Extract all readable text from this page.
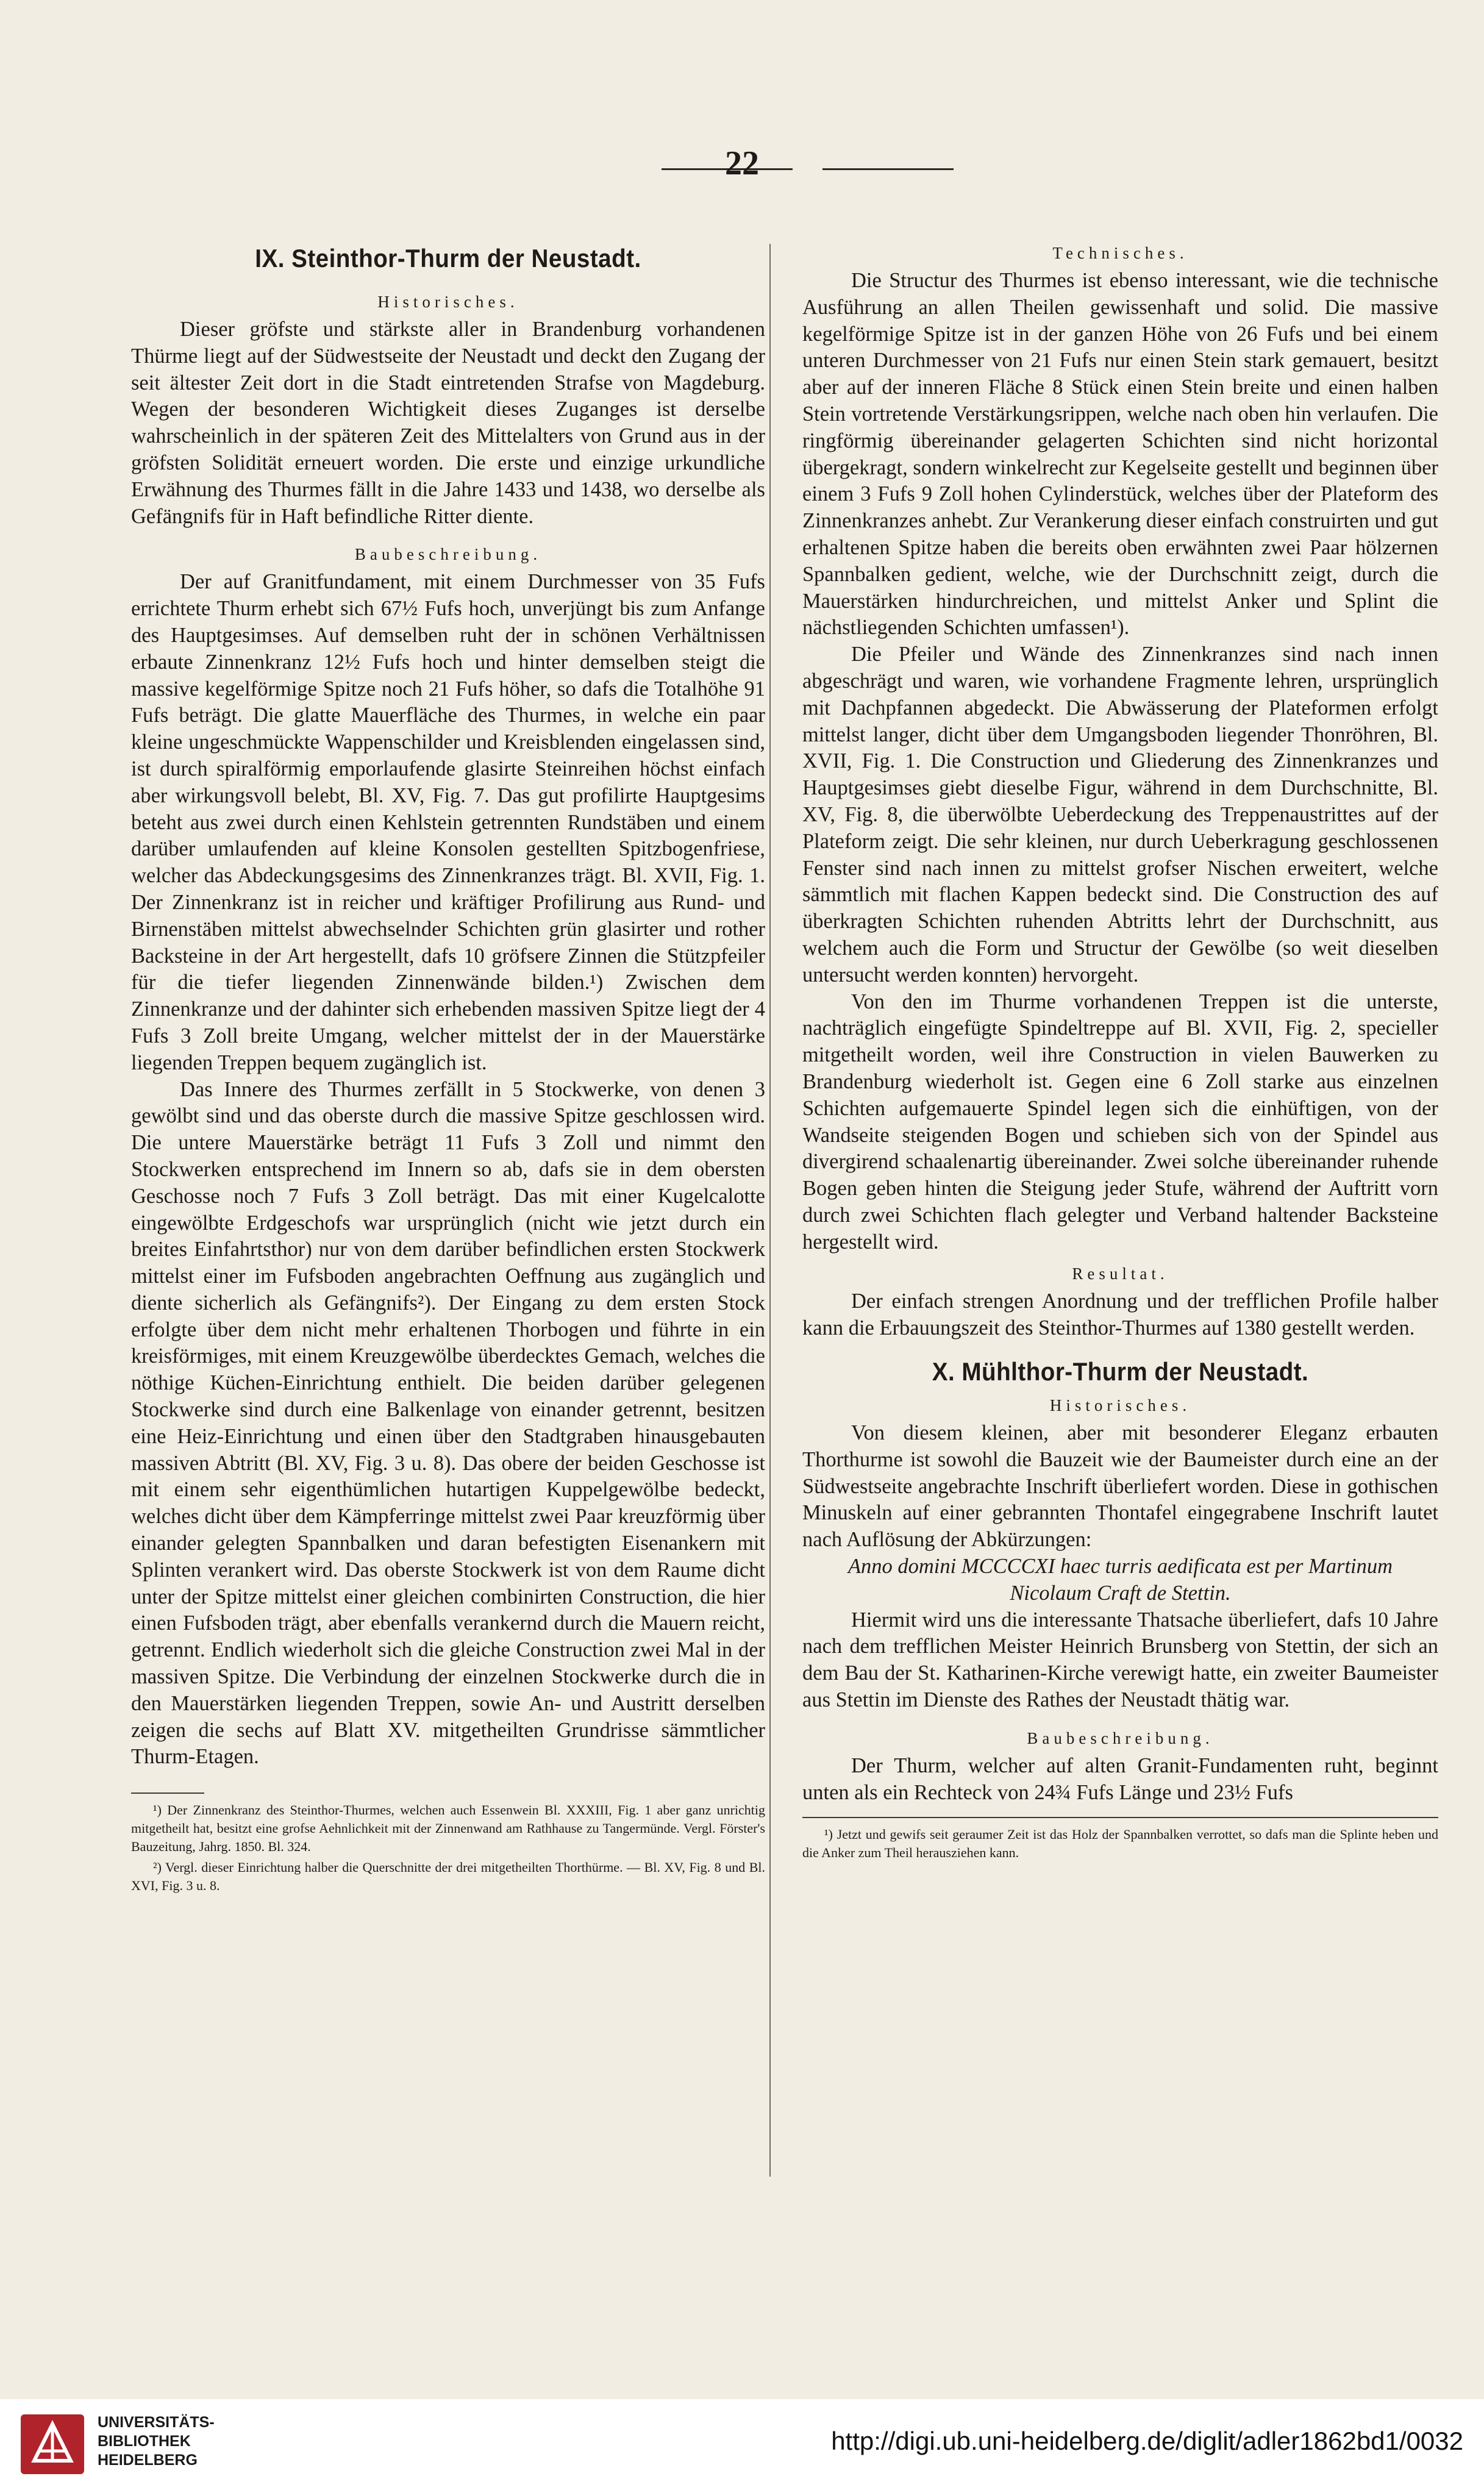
22
IX. Steinthor-Thurm der Neustadt.
Historisches.

Dieser gröfste und stärkste aller in Brandenburg vorhandenen Thürme liegt auf der Südwestseite der Neustadt und deckt den Zugang der seit ältester Zeit dort in die Stadt eintretenden Strafse von Magdeburg. Wegen der besonderen Wichtigkeit dieses Zuganges ist derselbe wahrscheinlich in der späteren Zeit des Mittelalters von Grund aus in der gröfsten Solidität erneuert worden. Die erste und einzige urkundliche Erwähnung des Thurmes fällt in die Jahre 1433 und 1438, wo derselbe als Gefängnifs für in Haft befindliche Ritter diente.

Baubeschreibung.

Der auf Granitfundament, mit einem Durchmesser von 35 Fufs errichtete Thurm erhebt sich 67½ Fufs hoch, unverjüngt bis zum Anfange des Hauptgesimses. Auf demselben ruht der in schönen Verhältnissen erbaute Zinnenkranz 12½ Fufs hoch und hinter demselben steigt die massive kegelförmige Spitze noch 21 Fufs höher, so dafs die Totalhöhe 91 Fufs beträgt. Die glatte Mauerfläche des Thurmes, in welche ein paar kleine ungeschmückte Wappenschilder und Kreisblenden eingelassen sind, ist durch spiralförmig emporlaufende glasirte Steinreihen höchst einfach aber wirkungsvoll belebt, Bl. XV, Fig. 7. Das gut profilirte Hauptgesims beteht aus zwei durch einen Kehlstein getrennten Rundstäben und einem darüber umlaufenden auf kleine Konsolen gestellten Spitzbogenfriese, welcher das Abdeckungsgesims des Zinnenkranzes trägt. Bl. XVII, Fig. 1. Der Zinnenkranz ist in reicher und kräftiger Profilirung aus Rund- und Birnenstäben mittelst abwechselnder Schichten grün glasirter und rother Backsteine in der Art hergestellt, dafs 10 gröfsere Zinnen die Stützpfeiler für die tiefer liegenden Zinnenwände bilden.¹) Zwischen dem Zinnenkranze und der dahinter sich erhebenden massiven Spitze liegt der 4 Fufs 3 Zoll breite Umgang, welcher mittelst der in der Mauerstärke liegenden Treppen bequem zugänglich ist.

Das Innere des Thurmes zerfällt in 5 Stockwerke, von denen 3 gewölbt sind und das oberste durch die massive Spitze geschlossen wird. Die untere Mauerstärke beträgt 11 Fufs 3 Zoll und nimmt den Stockwerken entsprechend im Innern so ab, dafs sie in dem obersten Geschosse noch 7 Fufs 3 Zoll beträgt. Das mit einer Kugelcalotte eingewölbte Erdgeschofs war ursprünglich (nicht wie jetzt durch ein breites Einfahrtsthor) nur von dem darüber befindlichen ersten Stockwerk mittelst einer im Fufsboden angebrachten Oeffnung aus zugänglich und diente sicherlich als Gefängnifs²). Der Eingang zu dem ersten Stock erfolgte über dem nicht mehr erhaltenen Thorbogen und führte in ein kreisförmiges, mit einem Kreuzgewölbe überdecktes Gemach, welches die nöthige Küchen-Einrichtung enthielt. Die beiden darüber gelegenen Stockwerke sind durch eine Balkenlage von einander getrennt, besitzen eine Heiz-Einrichtung und einen über den Stadtgraben hinausgebauten massiven Abtritt (Bl. XV, Fig. 3 u. 8). Das obere der beiden Geschosse ist mit einem sehr eigenthümlichen hutartigen Kuppelgewölbe bedeckt, welches dicht über dem Kämpferringe mittelst zwei Paar kreuzförmig über einander gelegten Spannbalken und daran befestigten Eisenankern mit Splinten verankert wird. Das oberste Stockwerk ist von dem Raume dicht unter der Spitze mittelst einer gleichen combinirten Construction, die hier einen Fufsboden trägt, aber ebenfalls verankernd durch die Mauern reicht, getrennt. Endlich wiederholt sich die gleiche Construction zwei Mal in der massiven Spitze. Die Verbindung der einzelnen Stockwerke durch die in den Mauerstärken liegenden Treppen, sowie An- und Austritt derselben zeigen die sechs auf Blatt XV. mitgetheilten Grundrisse sämmtlicher Thurm-Etagen.

¹) Der Zinnenkranz des Steinthor-Thurmes, welchen auch Essenwein Bl. XXXIII, Fig. 1 aber ganz unrichtig mitgetheilt hat, besitzt eine grofse Aehnlichkeit mit der Zinnenwand am Rathhause zu Tangermünde. Vergl. Förster's Bauzeitung, Jahrg. 1850. Bl. 324.

²) Vergl. dieser Einrichtung halber die Querschnitte der drei mitgetheilten Thorthürme. — Bl. XV, Fig. 8 und Bl. XVI, Fig. 3 u. 8.

Technisches.

Die Structur des Thurmes ist ebenso interessant, wie die technische Ausführung an allen Theilen gewissenhaft und solid. Die massive kegelförmige Spitze ist in der ganzen Höhe von 26 Fufs und bei einem unteren Durchmesser von 21 Fufs nur einen Stein stark gemauert, besitzt aber auf der inneren Fläche 8 Stück einen Stein breite und einen halben Stein vortretende Verstärkungsrippen, welche nach oben hin verlaufen. Die ringförmig übereinander gelagerten Schichten sind nicht horizontal übergekragt, sondern winkelrecht zur Kegelseite gestellt und beginnen über einem 3 Fufs 9 Zoll hohen Cylinderstück, welches über der Plateform des Zinnenkranzes anhebt. Zur Verankerung dieser einfach construirten und gut erhaltenen Spitze haben die bereits oben erwähnten zwei Paar hölzernen Spannbalken gedient, welche, wie der Durchschnitt zeigt, durch die Mauerstärken hindurchreichen, und mittelst Anker und Splint die nächstliegenden Schichten umfassen¹).

Die Pfeiler und Wände des Zinnenkranzes sind nach innen abgeschrägt und waren, wie vorhandene Fragmente lehren, ursprünglich mit Dachpfannen abgedeckt. Die Abwässerung der Plateformen erfolgt mittelst langer, dicht über dem Umgangsboden liegender Thonröhren, Bl. XVII, Fig. 1. Die Construction und Gliederung des Zinnenkranzes und Hauptgesimses giebt dieselbe Figur, während in dem Durchschnitte, Bl. XV, Fig. 8, die überwölbte Ueberdeckung des Treppenaustrittes auf der Plateform zeigt. Die sehr kleinen, nur durch Ueberkragung geschlossenen Fenster sind nach innen zu mittelst grofser Nischen erweitert, welche sämmtlich mit flachen Kappen bedeckt sind. Die Construction des auf überkragten Schichten ruhenden Abtritts lehrt der Durchschnitt, aus welchem auch die Form und Structur der Gewölbe (so weit dieselben untersucht werden konnten) hervorgeht.

Von den im Thurme vorhandenen Treppen ist die unterste, nachträglich eingefügte Spindeltreppe auf Bl. XVII, Fig. 2, specieller mitgetheilt worden, weil ihre Construction in vielen Bauwerken zu Brandenburg wiederholt ist. Gegen eine 6 Zoll starke aus einzelnen Schichten aufgemauerte Spindel legen sich die einhüftigen, von der Wandseite steigenden Bogen und schieben sich von der Spindel aus divergirend schaalenartig übereinander. Zwei solche übereinander ruhende Bogen geben hinten die Steigung jeder Stufe, während der Auftritt vorn durch zwei Schichten flach gelegter und Verband haltender Backsteine hergestellt wird.

Resultat.

Der einfach strengen Anordnung und der trefflichen Profile halber kann die Erbauungszeit des Steinthor-Thurmes auf 1380 gestellt werden.

X. Mühlthor-Thurm der Neustadt.
Historisches.

Von diesem kleinen, aber mit besonderer Eleganz erbauten Thorthurme ist sowohl die Bauzeit wie der Baumeister durch eine an der Südwestseite angebrachte Inschrift überliefert worden. Diese in gothischen Minuskeln auf einer gebrannten Thontafel eingegrabene Inschrift lautet nach Auflösung der Abkürzungen:

Anno domini MCCCCXI haec turris aedificata est per Martinum Nicolaum Craft de Stettin.

Hiermit wird uns die interessante Thatsache überliefert, dafs 10 Jahre nach dem trefflichen Meister Heinrich Brunsberg von Stettin, der sich an dem Bau der St. Katharinen-Kirche verewigt hatte, ein zweiter Baumeister aus Stettin im Dienste des Rathes der Neustadt thätig war.

Baubeschreibung.

Der Thurm, welcher auf alten Granit-Fundamenten ruht, beginnt unten als ein Rechteck von 24¾ Fufs Länge und 23½ Fufs

¹) Jetzt und gewifs seit geraumer Zeit ist das Holz der Spannbalken verrottet, so dafs man die Splinte heben und die Anker zum Theil herausziehen kann.

UNIVERSITÄTS-
BIBLIOTHEK
HEIDELBERG
http://digi.ub.uni-heidelberg.de/diglit/adler1862bd1/0032
